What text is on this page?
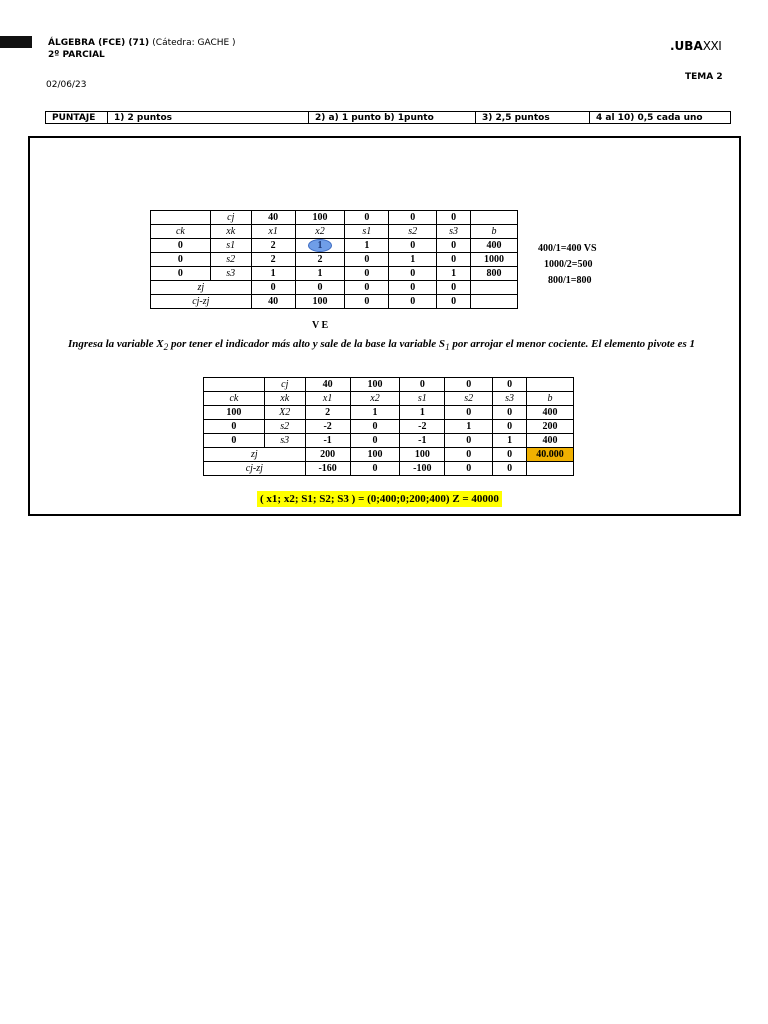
ÁLGEBRA (FCE) (71) (Cátedra: GACHE )
2º PARCIAL
02/06/23
TEMA 2
.UBAXXI
PUNTAJE	1) 2 puntos	2) a) 1 punto b) 1punto	3) 2,5 puntos	4 al 10) 0,5 cada uno
	cj	40	100	0	0	0	
ck	xk	x1	x2	s1	s2	s3	b
0	s1	2	1	1	0	0	400
0	s2	2	2	0	1	0	1000
0	s3	1	1	0	0	1	800
zj		0	0	0	0	0	
cj-zj		40	100	0	0	0	
400/1=400 VS
1000/2=500
800/1=800
V E
Ingresa la variable $X_2$ por tener el indicador más alto y sale de la base la variable $S_1$ por arrojar el menor cociente. El elemento pivote es 1
	cj	40	100	0	0	0	
ck	xk	x1	x2	s1	s2	s3	b
100	X2	2	1	1	0	0	400
0	s2	-2	0	-2	1	0	200
0	s3	-1	0	-1	0	1	400
zj		200	100	100	0	0	40.000
cj-zj		-160	0	-100	0	0	
( x1; x2; S1; S2; S3 ) = (0;400;0;200;400) Z = 40000
